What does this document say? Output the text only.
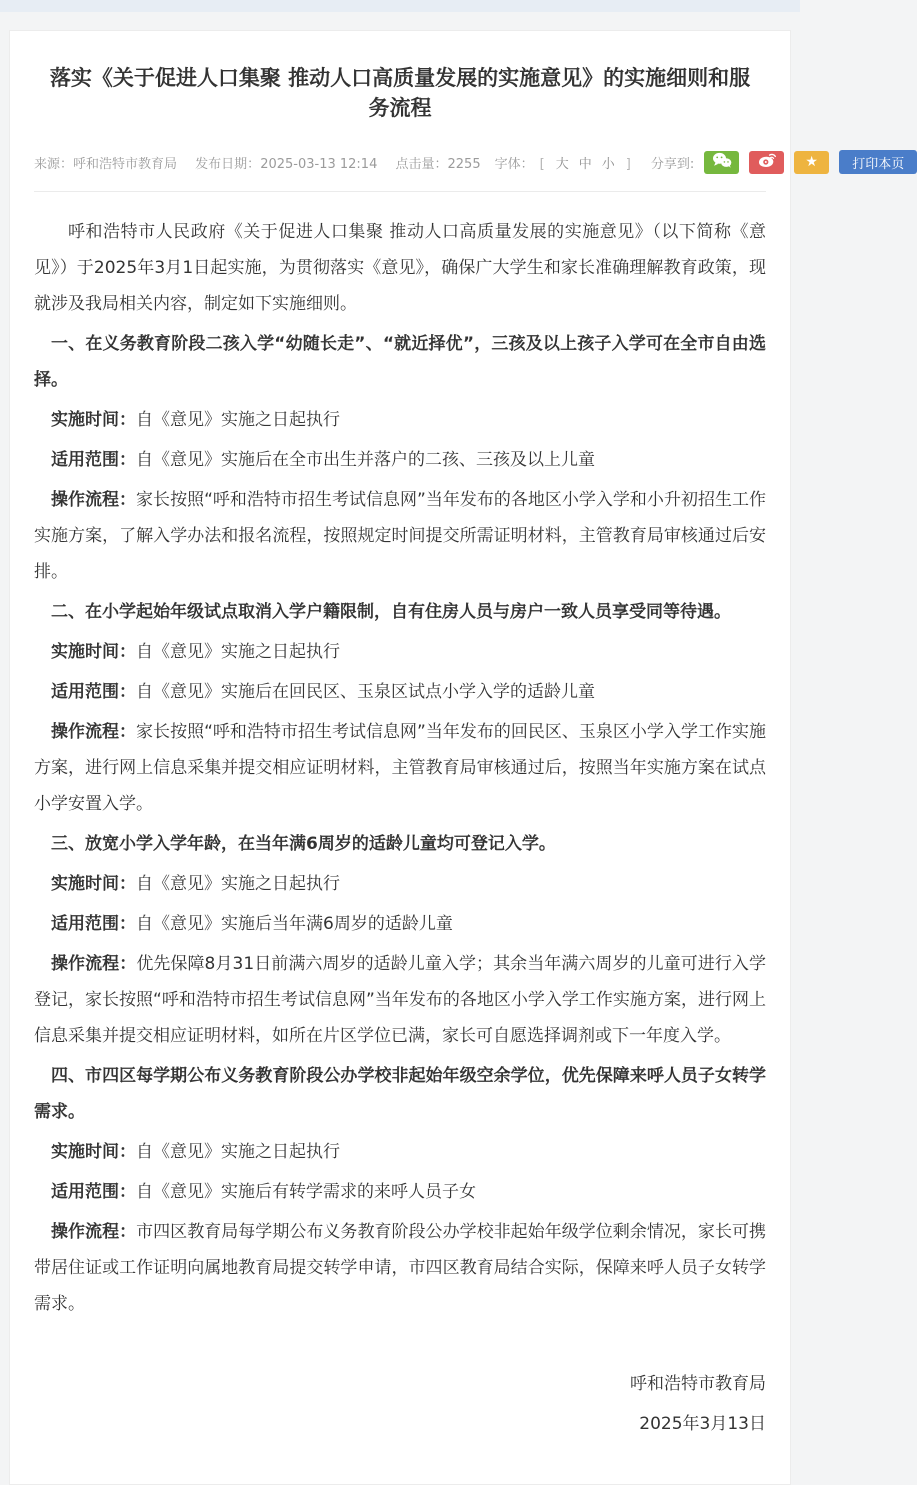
落实《关于促进人口集聚 推动人口高质量发展的实施意见》的实施细则和服务流程
来源：呼和浩特市教育局 发布日期：2025-03-13 12:14 点击量：2255	字体： [ 大 中 小 ]	分享到:	★	打印本页

呼和浩特市人民政府《关于促进人口集聚 推动人口高质量发展的实施意见》（以下简称《意见》）于2025年3月1日起实施，为贯彻落实《意见》，确保广大学生和家长准确理解教育政策，现就涉及我局相关内容，制定如下实施细则。

一、在义务教育阶段二孩入学“幼随长走”、“就近择优”，三孩及以上孩子入学可在全市自由选择。

实施时间：自《意见》实施之日起执行

适用范围：自《意见》实施后在全市出生并落户的二孩、三孩及以上儿童

操作流程：家长按照“呼和浩特市招生考试信息网”当年发布的各地区小学入学和小升初招生工作实施方案，了解入学办法和报名流程，按照规定时间提交所需证明材料，主管教育局审核通过后安排。

二、在小学起始年级试点取消入学户籍限制，自有住房人员与房户一致人员享受同等待遇。

实施时间：自《意见》实施之日起执行

适用范围：自《意见》实施后在回民区、玉泉区试点小学入学的适龄儿童

操作流程：家长按照“呼和浩特市招生考试信息网”当年发布的回民区、玉泉区小学入学工作实施方案，进行网上信息采集并提交相应证明材料，主管教育局审核通过后，按照当年实施方案在试点小学安置入学。

三、放宽小学入学年龄，在当年满6周岁的适龄儿童均可登记入学。

实施时间：自《意见》实施之日起执行

适用范围：自《意见》实施后当年满6周岁的适龄儿童

操作流程：优先保障8月31日前满六周岁的适龄儿童入学；其余当年满六周岁的儿童可进行入学登记，家长按照“呼和浩特市招生考试信息网”当年发布的各地区小学入学工作实施方案，进行网上信息采集并提交相应证明材料，如所在片区学位已满，家长可自愿选择调剂或下一年度入学。

四、市四区每学期公布义务教育阶段公办学校非起始年级空余学位，优先保障来呼人员子女转学需求。

实施时间：自《意见》实施之日起执行

适用范围：自《意见》实施后有转学需求的来呼人员子女

操作流程：市四区教育局每学期公布义务教育阶段公办学校非起始年级学位剩余情况，家长可携带居住证或工作证明向属地教育局提交转学申请，市四区教育局结合实际，保障来呼人员子女转学需求。

呼和浩特市教育局

2025年3月13日
